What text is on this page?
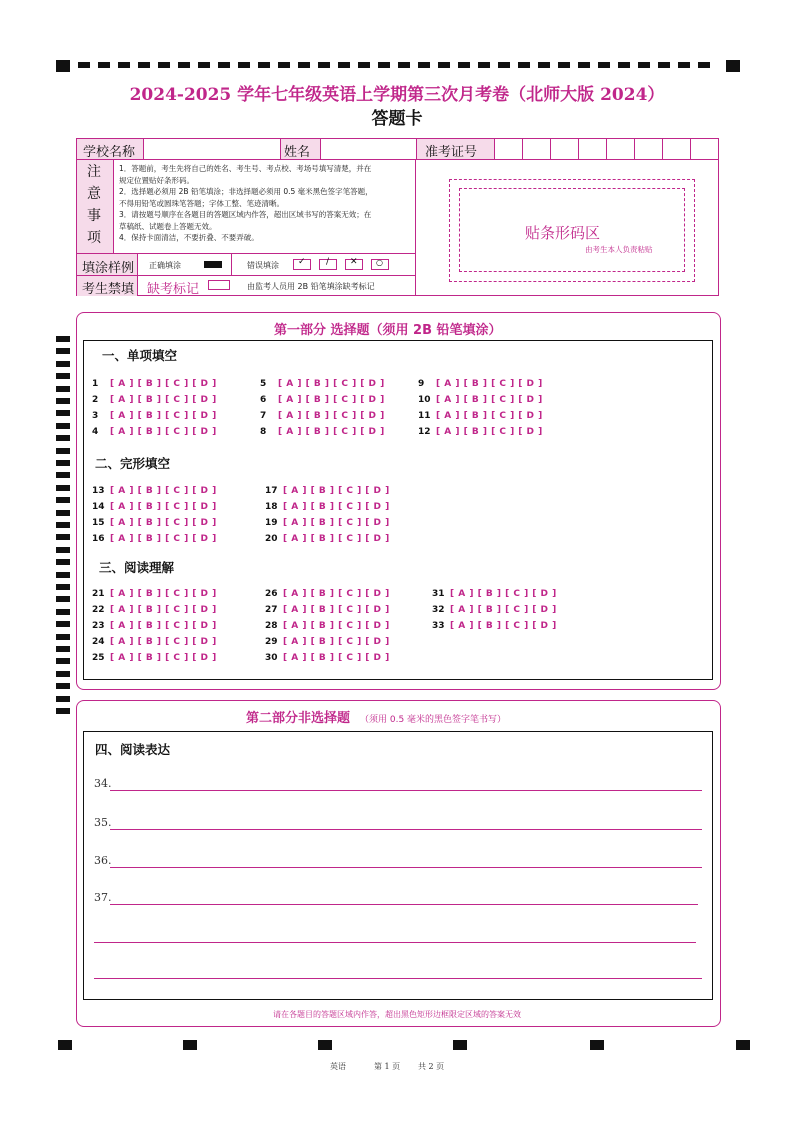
2024-2025 学年七年级英语上学期第三次月考卷（北师大版 2024）
答题卡
学校名称	姓名	准考证号
注
意
事
项
1．答题前，考生先将自己的姓名、考生号、考点校、考场号填写清楚，并在
规定位置贴好条形码。
2．选择题必须用 2B 铅笔填涂；非选择题必须用 0.5 毫米黑色签字笔答题，
不得用铅笔或圆珠笔答题；字体工整、笔迹清晰。
3．请按题号顺序在各题目的答题区域内作答，超出区域书写的答案无效；在
草稿纸、试题卷上答题无效。
4．保持卡面清洁，不要折叠、不要弄破。
填涂样例 正确填涂	错误填涂 ✓ / ✕ ○
考生禁填 缺考标记	由监考人员用 2B 铅笔填涂缺考标记
贴条形码区
由考生本人负责粘贴
第一部分 选择题（须用 2B 铅笔填涂）
一、单项填空
二、完形填空
三、阅读理解
1 [ A ] [ B ] [ C ] [ D ]
2 [ A ] [ B ] [ C ] [ D ]
3 [ A ] [ B ] [ C ] [ D ]
4 [ A ] [ B ] [ C ] [ D ]
5 [ A ] [ B ] [ C ] [ D ]
6 [ A ] [ B ] [ C ] [ D ]
7 [ A ] [ B ] [ C ] [ D ]
8 [ A ] [ B ] [ C ] [ D ]
9 [ A ] [ B ] [ C ] [ D ]
10 [ A ] [ B ] [ C ] [ D ]
11 [ A ] [ B ] [ C ] [ D ]
12 [ A ] [ B ] [ C ] [ D ]
13 [ A ] [ B ] [ C ] [ D ]
14 [ A ] [ B ] [ C ] [ D ]
15 [ A ] [ B ] [ C ] [ D ]
16 [ A ] [ B ] [ C ] [ D ]
17 [ A ] [ B ] [ C ] [ D ]
18 [ A ] [ B ] [ C ] [ D ]
19 [ A ] [ B ] [ C ] [ D ]
20 [ A ] [ B ] [ C ] [ D ]
21 [ A ] [ B ] [ C ] [ D ]
22 [ A ] [ B ] [ C ] [ D ]
23 [ A ] [ B ] [ C ] [ D ]
24 [ A ] [ B ] [ C ] [ D ]
25 [ A ] [ B ] [ C ] [ D ]
26 [ A ] [ B ] [ C ] [ D ]
27 [ A ] [ B ] [ C ] [ D ]
28 [ A ] [ B ] [ C ] [ D ]
29 [ A ] [ B ] [ C ] [ D ]
30 [ A ] [ B ] [ C ] [ D ]
31 [ A ] [ B ] [ C ] [ D ]
32 [ A ] [ B ] [ C ] [ D ]
33 [ A ] [ B ] [ C ] [ D ]
第二部分非选择题 （须用 0.5 毫米的黑色签字笔书写）
四、阅读表达
34.
35.
36.
37.
请在各题目的答题区域内作答，超出黑色矩形边框限定区域的答案无效
英语	第 1 页 共 2 页
